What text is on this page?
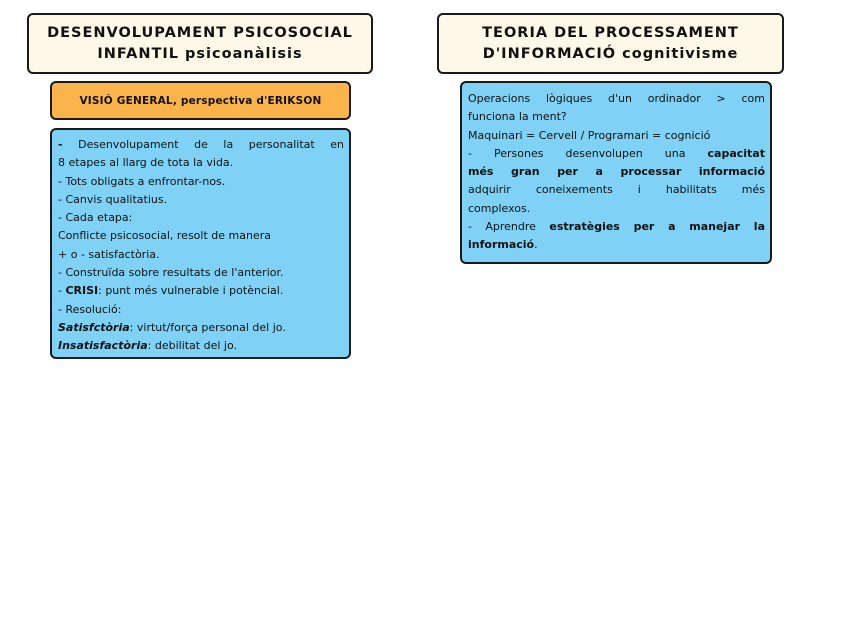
DESENVOLUPAMENT PSICOSOCIAL
INFANTIL psicoanàlisis
VISIÓ GENERAL, perspectiva d'ERIKSON
- Desenvolupament de la personalitat en
8 etapes al llarg de tota la vida.
- Tots obligats a enfrontar-nos.
- Canvis qualitatius.
- Cada etapa:
Conflicte psicosocial, resolt de manera
+ o - satisfactòria.
- Construïda sobre resultats de l'anterior.
- CRISI: punt més vulnerable i potèncial.
- Resolució:
Satisfctòria: virtut/força personal del jo.
Insatisfactòria: debilitat del jo.
TEORIA DEL PROCESSAMENT
D'INFORMACIÓ cognitivisme
Operacions lògiques d'un ordinador > com
funciona la ment?
Maquinari = Cervell / Programari = cognició
- Persones desenvolupen una capacitat
més gran per a processar informació
adquirir coneixements i habilitats més
complexos.
- Aprendre estratègies per a manejar la
informació.
